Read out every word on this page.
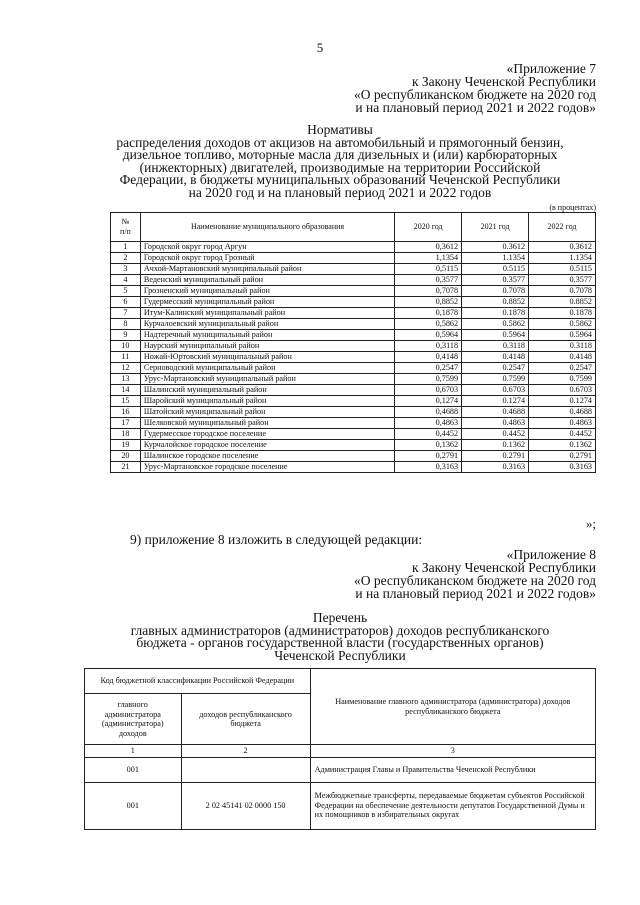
5
«Приложение 7
к Закону Чеченской Республики
«О республиканском бюджете на 2020 год
и на плановый период 2021 и 2022 годов»
Нормативы
распределения доходов от акцизов на автомобильный и прямогонный бензин,
дизельное топливо, моторные масла для дизельных и (или) карбюраторных
(инжекторных) двигателей, производимые на территории Российской
Федерации, в бюджеты муниципальных образований Чеченской Республики
на 2020 год и на плановый период 2021 и 2022 годов
(в процентах)
№
п/п	Наименование муниципального образования	2020 год	2021 год	2022 год
1	Городской округ город Аргун	0,3612	0.3612	0.3612
2	Городской округ город Грозный	1,1354	1.1354	1.1354
3	Ачхой-Мартановский муниципальный район	0,5115	0.5115	0.5115
4	Веденский муниципальный район	0,3577	0.3577	0.3577
5	Грозненский муниципальный район	0,7078	0.7078	0.7078
6	Гудермесский муниципальный район	0,8852	0.8852	0.8852
7	Итум-Калинский муниципальный район	0,1878	0.1878	0.1878
8	Курчалоевский муниципальный район	0,5862	0.5862	0.5862
9	Надтеречный муниципальный район	0,5964	0.5964	0.5964
10	Наурский муниципальный район	0,3118	0.3118	0.3118
11	Ножай-Юртовский муниципальный район	0,4148	0.4148	0.4148
12	Серноводский муниципальный район	0,2547	0.2547	0.2547
13	Урус-Мартановский муниципальный район	0,7599	0.7599	0.7599
14	Шалинский муниципальный район	0,6703	0.6703	0.6703
15	Шаройский муниципальный район	0,1274	0.1274	0.1274
16	Шатойский муниципальный район	0,4688	0.4688	0.4688
17	Шелковской муниципальный район	0,4863	0.4863	0.4863
18	Гудермесское городское поселение	0,4452	0.4452	0.4452
19	Курчалойское городское поселение	0,1362	0.1362	0.1362
20	Шалинское городское поселение	0,2791	0.2791	0.2791
21	Урус-Мартановское городское поселение	0,3163	0.3163	0.3163
»;
9) приложение 8 изложить в следующей редакции:
«Приложение 8
к Закону Чеченской Республики
«О республиканском бюджете на 2020 год
и на плановый период 2021 и 2022 годов»
Перечень
главных администраторов (администраторов) доходов республиканского
бюджета - органов государственной власти (государственных органов)
Чеченской Республики
Код бюджетной классификации Российской Федерации		Наименование главного администратора (администратора) доходов республиканского бюджета
главного администратора (администратора) доходов	доходов республиканского бюджета	
1	2	3
001		Администрация Главы и Правительства Чеченской Республики
001	2 02 45141 02 0000 150	Межбюджетные трансферты, передаваемые бюджетам субъектов Российской Федерации на обеспечение деятельности депутатов Государственной Думы и их помощников в избирательных округах
